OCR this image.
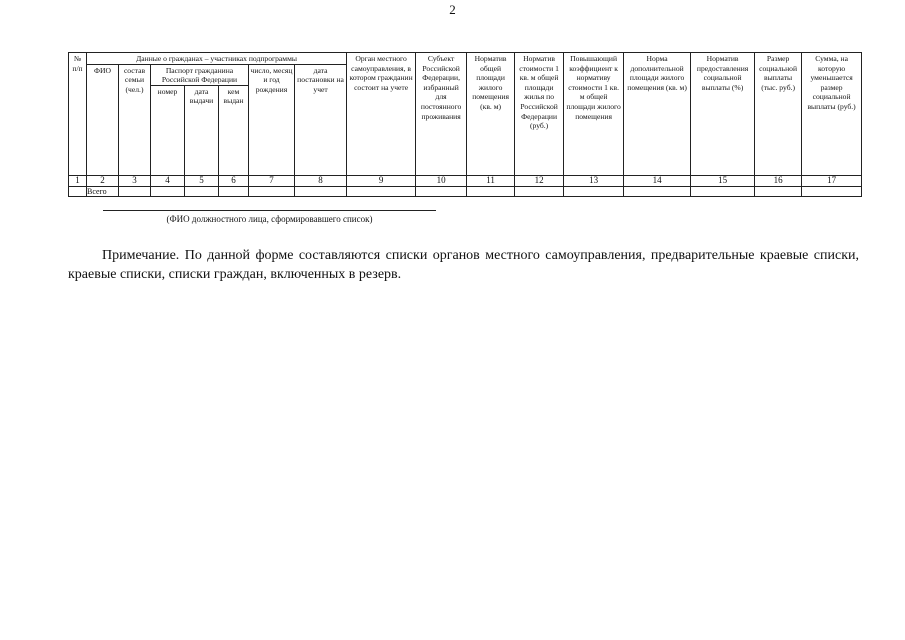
2
№ п/п	Данные о гражданах – участниках подпрограммы							Орган местного самоуправления, в котором гражданин состоит на учете	Субъект Российской Федерации, избранный для постоянного проживания	Норматив общей площади жилого помещения (кв. м)	Норматив стоимости 1 кв. м общей площади жилья по Российской Федерации (руб.)	Повышающий коэффициент к нормативу стоимости 1 кв. м общей площади жилого помещения	Норма дополнительной площади жилого помещения (кв. м)	Норматив предоставления социальной выплаты (%)	Размер социальной выплаты (тыс. руб.)	Сумма, на которую уменьшается размер социальной выплаты (руб.)
	ФИО	состав семьи (чел.)	Паспорт гражданина Российской Федерации			число, месяц и год рождения	дата постановки на учет									
			номер	дата выдачи	кем выдан											
1	2	3	4	5	6	7	8	9	10	11	12	13	14	15	16	17
	Всего															
(ФИО должностного лица, сформировавшего список)

Примечание. По данной форме составляются списки органов местного самоуправления, предварительные краевые списки, краевые списки, списки граждан, включенных в резерв.
